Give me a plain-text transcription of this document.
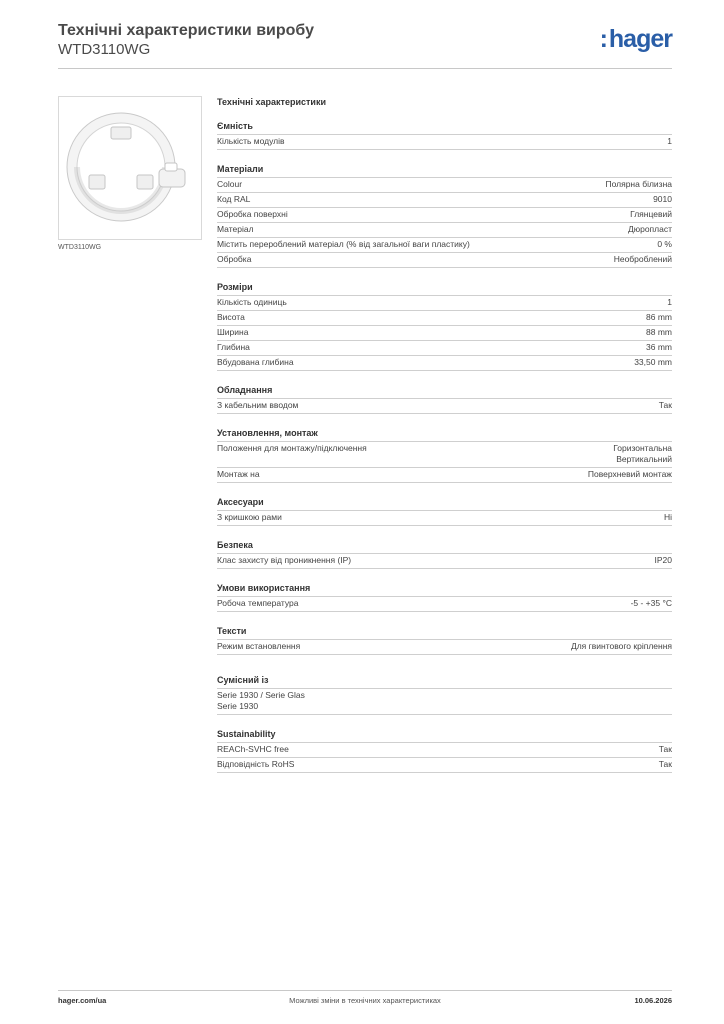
Технічні характеристики виробу
WTD3110WG	:hager
WTD3110WG
Технічні характеристики
Ємність
Кількість модулів	1
Матеріали
Colour	Полярна білизна
Код RAL	9010
Обробка поверхні	Глянцевий
Матеріал	Дюропласт
Містить перероблений матеріал (% від загальної ваги пластику)	0 %
Обробка	Необроблений
Розміри
Кількість одиниць	1
Висота	86 mm
Ширина	88 mm
Глибина	36 mm
Вбудована глибина	33,50 mm
Обладнання
З кабельним вводом	Так
Установлення, монтаж
Положення для монтажу/підключення	Горизонтальна
Вертикальний
Монтаж на	Поверхневий монтаж
Аксесуари
З кришкою рами	Ні
Безпека
Клас захисту від проникнення (IP)	IP20
Умови використання
Робоча температура	-5 - +35 °C
Тексти
Режим встановлення	Для гвинтового кріплення
Сумісний із
Serie 1930 / Serie Glas
Serie 1930
Sustainability
REACh-SVHC free	Так
Відповідність RoHS	Так
Можливі зміни в технічних характеристиках
hager.com/ua	10.06.2026
